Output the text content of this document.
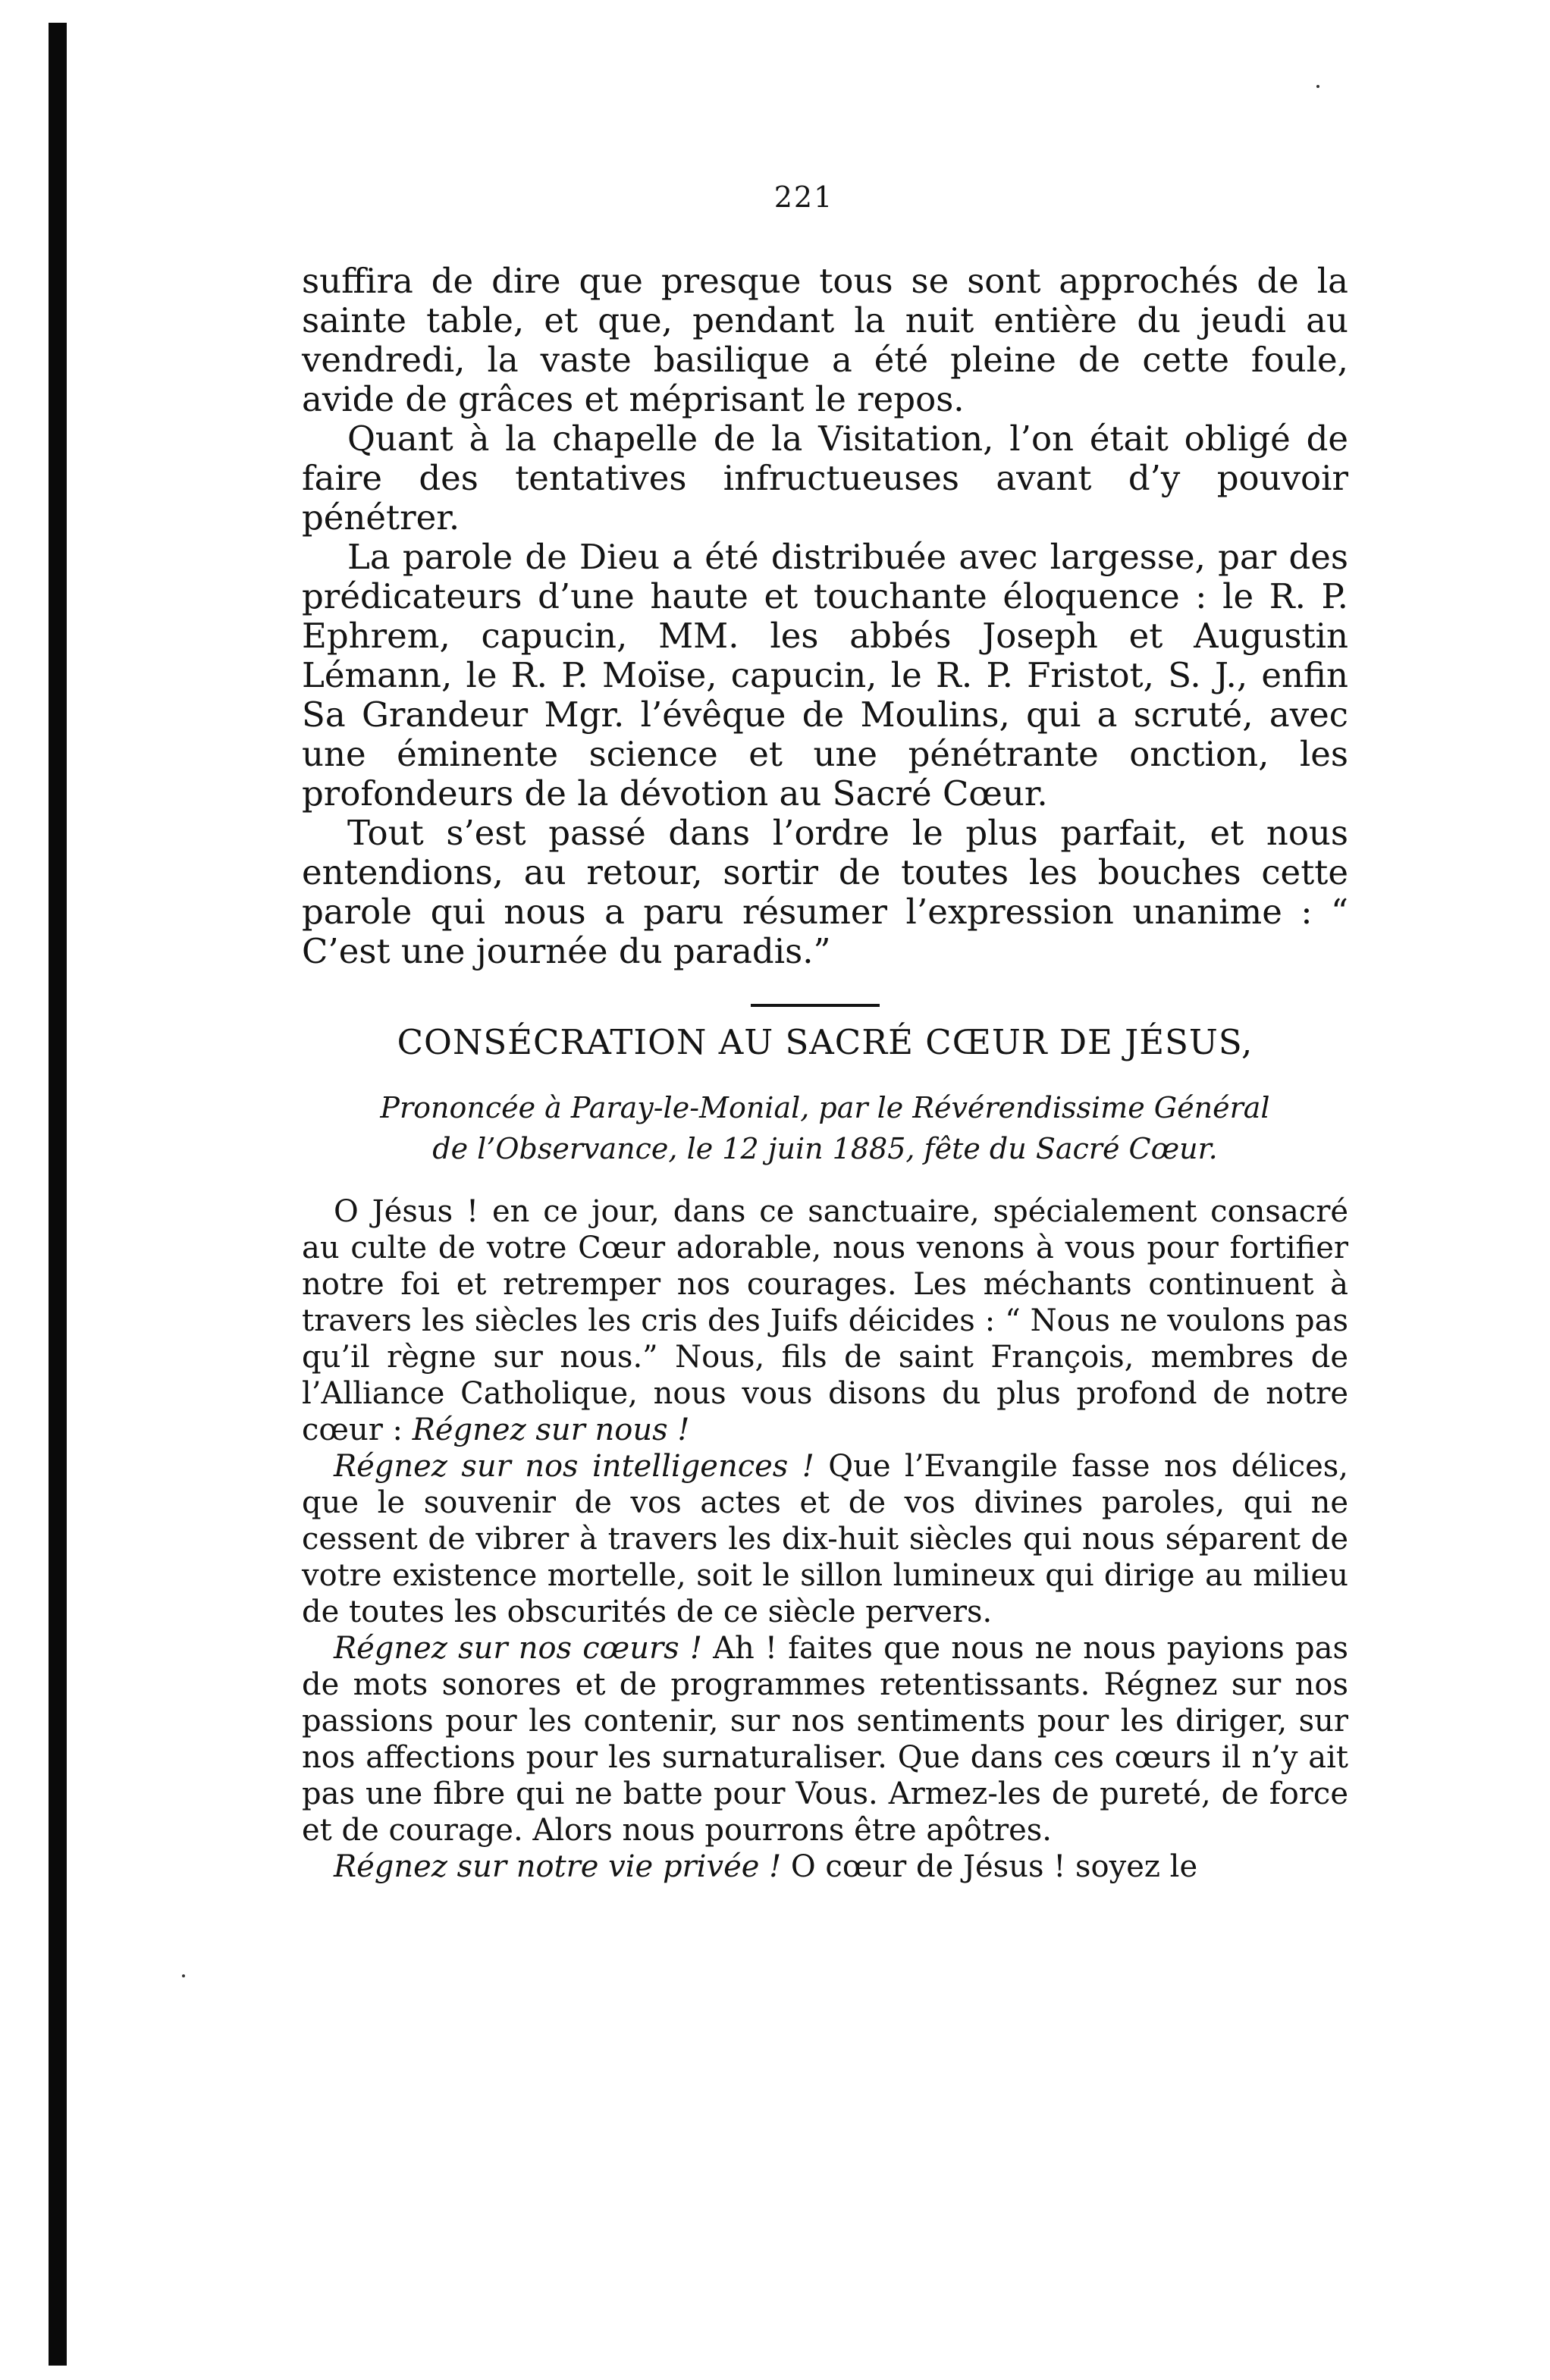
221

suffira de dire que presque tous se sont approchés de la sainte table, et que, pendant la nuit entière du jeudi au vendredi, la vaste basilique a été pleine de cette foule, avide de grâces et méprisant le repos.

Quant à la chapelle de la Visitation, l’on était obligé de faire des tentatives infructueuses avant d’y pouvoir pénétrer.

La parole de Dieu a été distribuée avec largesse, par des prédicateurs d’une haute et touchante éloquence : le R. P. Ephrem, capucin, MM. les abbés Joseph et Augustin Lémann, le R. P. Moïse, capucin, le R. P. Fristot, S. J., enfin Sa Grandeur Mgr. l’évêque de Moulins, qui a scruté, avec une éminente science et une pénétrante onction, les profondeurs de la dévotion au Sacré Cœur.

Tout s’est passé dans l’ordre le plus parfait, et nous entendions, au retour, sortir de toutes les bouches cette parole qui nous a paru résumer l’expression unanime : “ C’est une journée du paradis.”

CONSÉCRATION AU SACRÉ CŒUR DE JÉSUS,
Prononcée à Paray-le-Monial, par le Révérendissime Général
de l’Observance, le 12 juin 1885, fête du Sacré Cœur.

O Jésus ! en ce jour, dans ce sanctuaire, spécialement consacré au culte de votre Cœur adorable, nous venons à vous pour fortifier notre foi et retremper nos courages. Les méchants continuent à travers les siècles les cris des Juifs déicides : “ Nous ne voulons pas qu’il règne sur nous.” Nous, fils de saint François, membres de l’Alliance Catholique, nous vous disons du plus profond de notre cœur : Régnez sur nous !

Régnez sur nos intelligences ! Que l’Evangile fasse nos délices, que le souvenir de vos actes et de vos divines paroles, qui ne cessent de vibrer à travers les dix-huit siècles qui nous séparent de votre existence mortelle, soit le sillon lumineux qui dirige au milieu de toutes les obscurités de ce siècle pervers.

Régnez sur nos cœurs ! Ah ! faites que nous ne nous payions pas de mots sonores et de programmes retentissants. Régnez sur nos passions pour les contenir, sur nos sentiments pour les diriger, sur nos affections pour les surnaturaliser. Que dans ces cœurs il n’y ait pas une fibre qui ne batte pour Vous. Armez-les de pureté, de force et de courage. Alors nous pourrons être apôtres.

Régnez sur notre vie privée ! O cœur de Jésus ! soyez le
